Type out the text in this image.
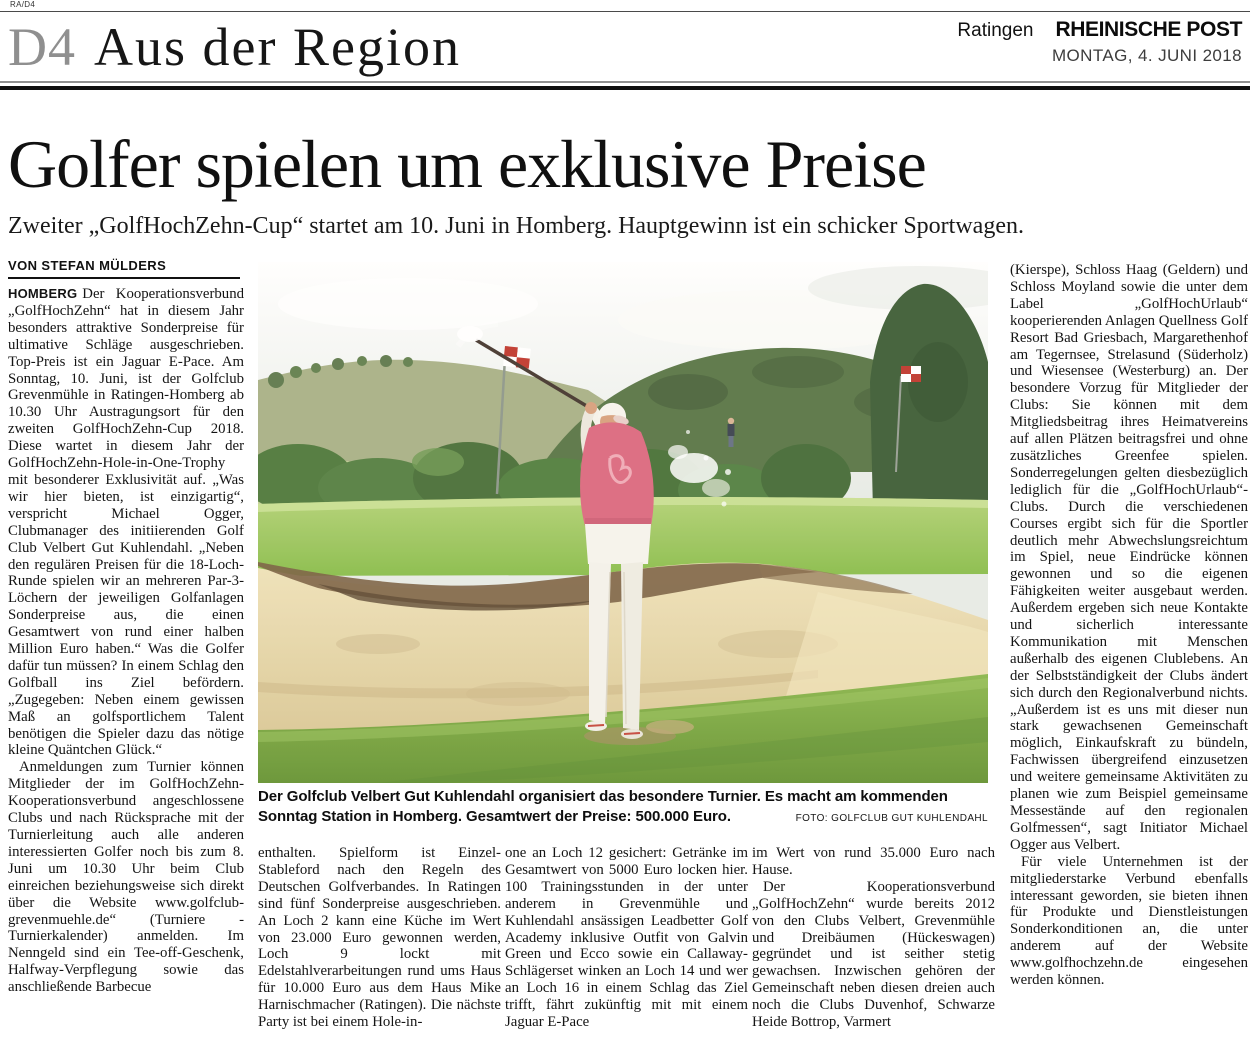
RA/D4
D4 Aus der Region	Ratingen RHEINISCHE POST
MONTAG, 4. JUNI 2018
Golfer spielen um exklusive Preise
Zweiter „GolfHochZehn-Cup“ startet am 10. Juni in Homberg. Hauptgewinn ist ein schicker Sportwagen.
VON STEFAN MÜLDERS

HOMBERG Der Kooperationsverbund „GolfHochZehn“ hat in diesem Jahr besonders attraktive Sonderpreise für ultimative Schläge ausgeschrieben. Top-Preis ist ein Jaguar E-Pace. Am Sonntag, 10. Juni, ist der Golfclub Grevenmühle in Ratingen-Homberg ab 10.30 Uhr Austragungsort für den zweiten GolfHochZehn-Cup 2018. Diese wartet in diesem Jahr der GolfHochZehn-Hole-in-One-Trophy mit besonderer Exklusivität auf. „Was wir hier bieten, ist einzigartig“, verspricht Michael Ogger, Clubmanager des initiierenden Golf Club Velbert Gut Kuhlendahl. „Neben den regulären Preisen für die 18-Loch-Runde spielen wir an mehreren Par-3-Löchern der jeweiligen Golfanlagen Sonderpreise aus, die einen Gesamtwert von rund einer halben Million Euro haben.“ Was die Golfer dafür tun müssen? In einem Schlag den Golfball ins Ziel befördern. „Zugegeben: Neben einem gewissen Maß an golfsportlichem Talent benötigen die Spieler dazu das nötige kleine Quäntchen Glück.“

Anmeldungen zum Turnier können Mitglieder der im GolfHochZehn-Kooperationsverbund angeschlossene Clubs und nach Rücksprache mit der Turnierleitung auch alle anderen interessierten Golfer noch bis zum 8. Juni um 10.30 Uhr beim Club einreichen beziehungsweise sich direkt über die Website www.golfclub-grevenmuehle.de“ (Turniere - Turnierkalender) anmelden. Im Nenngeld sind ein Tee-off-Geschenk, Halfway-Verpflegung sowie das anschließende Barbecue

Der Golfclub Velbert Gut Kuhlendahl organisiert das besondere Turnier. Es macht am kommenden Sonntag Station in Homberg. Gesamtwert der Preise: 500.000 Euro.	FOTO: GOLFCLUB GUT KUHLENDAHL

enthalten. Spielform ist Einzel-Stableford nach den Regeln des Deutschen Golfverbandes. In Ratingen sind fünf Sonderpreise ausgeschrieben. An Loch 2 kann eine Küche im Wert von 23.000 Euro gewonnen werden, Loch 9 lockt mit Edelstahlverarbeitungen rund ums Haus für 10.000 Euro aus dem Haus Mike Harnischmacher (Ratingen). Die nächste Party ist bei einem Hole-in-

one an Loch 12 gesichert: Getränke im Gesamtwert von 5000 Euro locken hier. 100 Trainingsstunden in der unter anderem in Grevenmühle und Kuhlendahl ansässigen Leadbetter Golf Academy inklusive Outfit von Galvin Green und Ecco sowie ein Callaway-Schlägerset winken an Loch 14 und wer an Loch 16 in einem Schlag das Ziel trifft, fährt zukünftig mit mit einem Jaguar E-Pace

im Wert von rund 35.000 Euro nach Hause.

Der Kooperationsverbund „GolfHochZehn“ wurde bereits 2012 von den Clubs Velbert, Grevenmühle und Dreibäumen (Hückeswagen) gegründet und ist seither stetig gewachsen. Inzwischen gehören der Gemeinschaft neben diesen dreien auch noch die Clubs Duvenhof, Schwarze Heide Bottrop, Varmert

(Kierspe), Schloss Haag (Geldern) und Schloss Moyland sowie die unter dem Label „GolfHochUrlaub“ kooperierenden Anlagen Quellness Golf Resort Bad Griesbach, Margarethenhof am Tegernsee, Strelasund (Süderholz) und Wiesensee (Westerburg) an. Der besondere Vorzug für Mitglieder der Clubs: Sie können mit dem Mitgliedsbeitrag ihres Heimatvereins auf allen Plätzen beitragsfrei und ohne zusätzliches Greenfee spielen. Sonderregelungen gelten diesbezüglich lediglich für die „GolfHochUrlaub“-Clubs. Durch die verschiedenen Courses ergibt sich für die Sportler deutlich mehr Abwechslungsreichtum im Spiel, neue Eindrücke können gewonnen und so die eigenen Fähigkeiten weiter ausgebaut werden. Außerdem ergeben sich neue Kontakte und sicherlich interessante Kommunikation mit Menschen außerhalb des eigenen Clublebens. An der Selbstständigkeit der Clubs ändert sich durch den Regionalverbund nichts. „Außerdem ist es uns mit dieser nun stark gewachsenen Gemeinschaft möglich, Einkaufskraft zu bündeln, Fachwissen übergreifend einzusetzen und weitere gemeinsame Aktivitäten zu planen wie zum Beispiel gemeinsame Messestände auf den regionalen Golfmessen“, sagt Initiator Michael Ogger aus Velbert.

Für viele Unternehmen ist der mitgliederstarke Verbund ebenfalls interessant geworden, sie bieten ihnen für Produkte und Dienstleistungen Sonderkonditionen an, die unter anderem auf der Website www.golfhochzehn.de eingesehen werden können.
